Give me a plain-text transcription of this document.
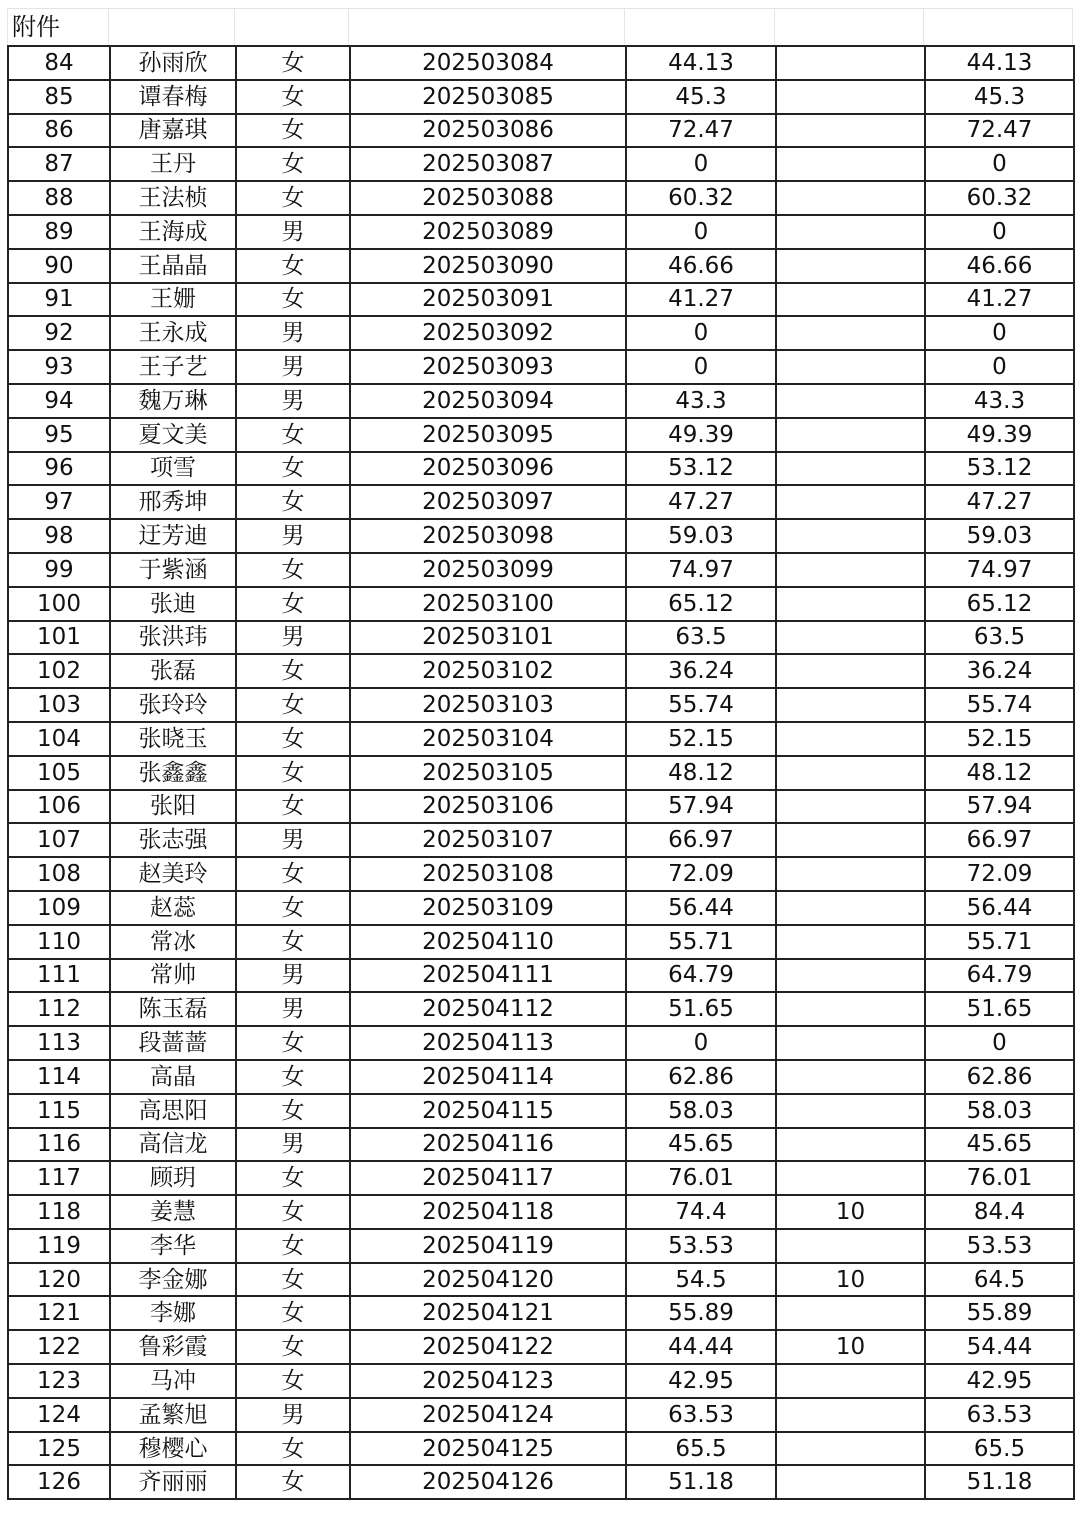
附件
84	孙雨欣	女	202503084	44.13		44.13
85	谭春梅	女	202503085	45.3		45.3
86	唐嘉琪	女	202503086	72.47		72.47
87	王丹	女	202503087	0		0
88	王法桢	女	202503088	60.32		60.32
89	王海成	男	202503089	0		0
90	王晶晶	女	202503090	46.66		46.66
91	王姗	女	202503091	41.27		41.27
92	王永成	男	202503092	0		0
93	王子艺	男	202503093	0		0
94	魏万琳	男	202503094	43.3		43.3
95	夏文美	女	202503095	49.39		49.39
96	项雪	女	202503096	53.12		53.12
97	邢秀坤	女	202503097	47.27		47.27
98	迂芳迪	男	202503098	59.03		59.03
99	于紫涵	女	202503099	74.97		74.97
100	张迪	女	202503100	65.12		65.12
101	张洪玮	男	202503101	63.5		63.5
102	张磊	女	202503102	36.24		36.24
103	张玲玲	女	202503103	55.74		55.74
104	张晓玉	女	202503104	52.15		52.15
105	张鑫鑫	女	202503105	48.12		48.12
106	张阳	女	202503106	57.94		57.94
107	张志强	男	202503107	66.97		66.97
108	赵美玲	女	202503108	72.09		72.09
109	赵蕊	女	202503109	56.44		56.44
110	常冰	女	202504110	55.71		55.71
111	常帅	男	202504111	64.79		64.79
112	陈玉磊	男	202504112	51.65		51.65
113	段蔷蔷	女	202504113	0		0
114	高晶	女	202504114	62.86		62.86
115	高思阳	女	202504115	58.03		58.03
116	高信龙	男	202504116	45.65		45.65
117	顾玥	女	202504117	76.01		76.01
118	姜慧	女	202504118	74.4	10	84.4
119	李华	女	202504119	53.53		53.53
120	李金娜	女	202504120	54.5	10	64.5
121	李娜	女	202504121	55.89		55.89
122	鲁彩霞	女	202504122	44.44	10	54.44
123	马冲	女	202504123	42.95		42.95
124	孟繁旭	男	202504124	63.53		63.53
125	穆樱心	女	202504125	65.5		65.5
126	齐丽丽	女	202504126	51.18		51.18
